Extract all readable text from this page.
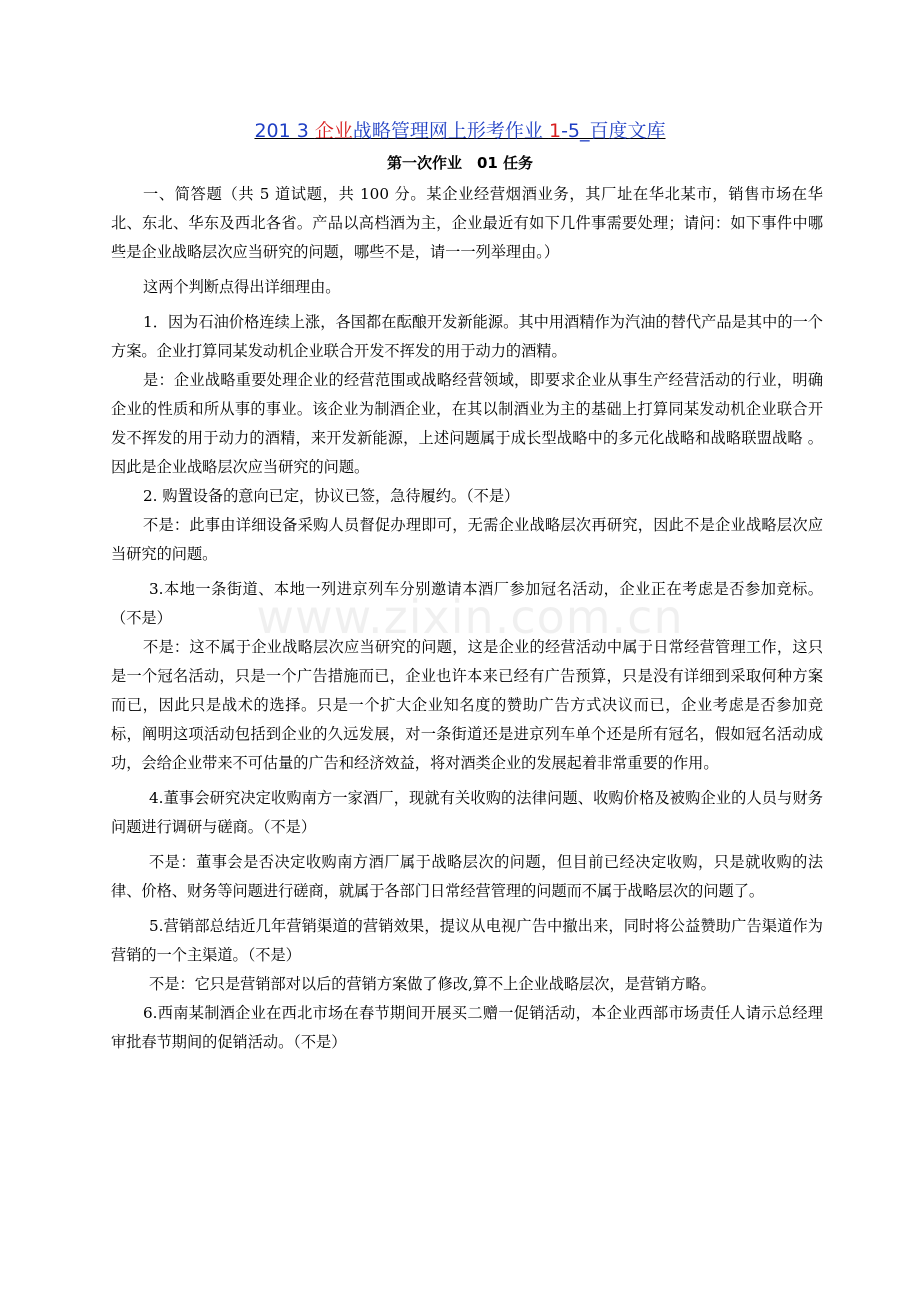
201 3 企业战略管理网上形考作业 1-5_百度文库
第一次作业　01 任务
www.zixin.com.cn

一、简答题（共 5 道试题，共 100 分。某企业经营烟酒业务，其厂址在华北某市，销售市场在华北、东北、华东及西北各省。产品以高档酒为主，企业最近有如下几件事需要处理；请问：如下事件中哪些是企业战略层次应当研究的问题，哪些不是，请一一列举理由。）

这两个判断点得出详细理由。

1．因为石油价格连续上涨，各国都在酝酿开发新能源。其中用酒精作为汽油的替代产品是其中的一个方案。企业打算同某发动机企业联合开发不挥发的用于动力的酒精。

是：企业战略重要处理企业的经营范围或战略经营领域，即要求企业从事生产经营活动的行业，明确企业的性质和所从事的事业。该企业为制酒企业，在其以制酒业为主的基础上打算同某发动机企业联合开发不挥发的用于动力的酒精，来开发新能源，上述问题属于成长型战略中的多元化战略和战略联盟战略 。因此是企业战略层次应当研究的问题。

2. 购置设备的意向已定，协议已签，急待履约。（不是）

不是：此事由详细设备采购人员督促办理即可，无需企业战略层次再研究，因此不是企业战略层次应当研究的问题。

3.本地一条街道、本地一列进京列车分别邀请本酒厂参加冠名活动，企业正在考虑是否参加竞标。（不是）

不是：这不属于企业战略层次应当研究的问题，这是企业的经营活动中属于日常经营管理工作，这只是一个冠名活动，只是一个广告措施而已，企业也许本来已经有广告预算，只是没有详细到采取何种方案而已，因此只是战术的选择。只是一个扩大企业知名度的赞助广告方式决议而已，企业考虑是否参加竞标，阐明这项活动包括到企业的久远发展，对一条街道还是进京列车单个还是所有冠名，假如冠名活动成功，会给企业带来不可估量的广告和经济效益，将对酒类企业的发展起着非常重要的作用。

4.董事会研究决定收购南方一家酒厂，现就有关收购的法律问题、收购价格及被购企业的人员与财务问题进行调研与磋商。（不是）

不是：董事会是否决定收购南方酒厂属于战略层次的问题，但目前已经决定收购，只是就收购的法 律、价格、财务等问题进行磋商，就属于各部门日常经营管理的问题而不属于战略层次的问题了。

5.营销部总结近几年营销渠道的营销效果，提议从电视广告中撤出来，同时将公益赞助广告渠道作为营销的一个主渠道。（不是）

不是：它只是营销部对以后的营销方案做了修改,算不上企业战略层次，是营销方略。

6.西南某制酒企业在西北市场在春节期间开展买二赠一促销活动，本企业西部市场责任人请示总经理审批春节期间的促销活动。（不是）
